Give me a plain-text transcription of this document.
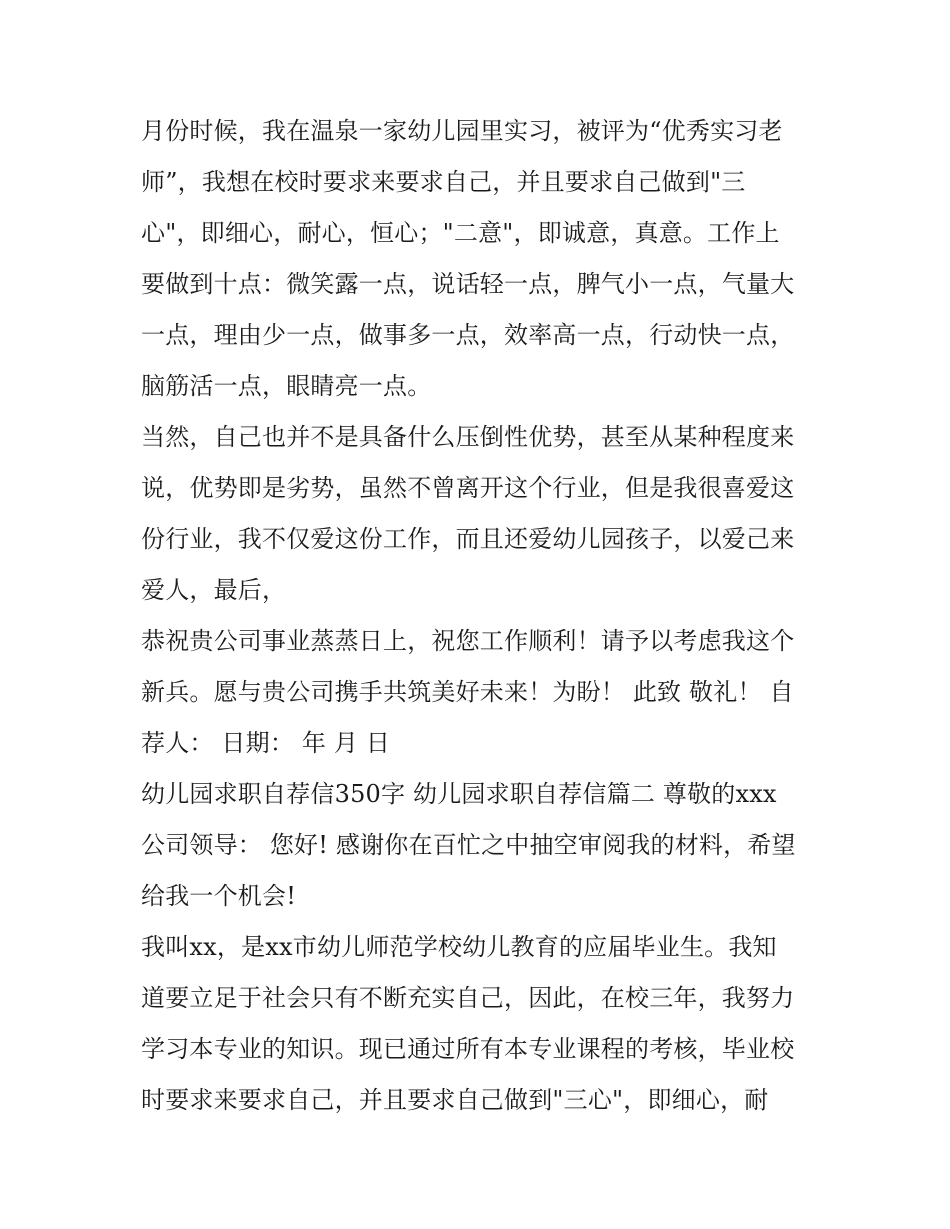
月份时候，我在温泉一家幼儿园里实习，被评为“优秀实习老
师”，我想在校时要求来要求自己，并且要求自己做到"三
心"，即细心，耐心，恒心；"二意"，即诚意，真意。工作上
要做到十点：微笑露一点，说话轻一点，脾气小一点，气量大
一点，理由少一点，做事多一点，效率高一点，行动快一点，
脑筋活一点，眼睛亮一点。
当然，自己也并不是具备什么压倒性优势，甚至从某种程度来
说，优势即是劣势，虽然不曾离开这个行业，但是我很喜爱这
份行业，我不仅爱这份工作，而且还爱幼儿园孩子，以爱己来
爱人，最后，
恭祝贵公司事业蒸蒸日上，祝您工作顺利！请予以考虑我这个
新兵。愿与贵公司携手共筑美好未来！为盼！ 此致 敬礼！ 自
荐人： 日期： 年 月 日
幼儿园求职自荐信350字 幼儿园求职自荐信篇二 尊敬的xxx
公司领导： 您好! 感谢你在百忙之中抽空审阅我的材料，希望
给我一个机会!
我叫xx，是xx市幼儿师范学校幼儿教育的应届毕业生。我知
道要立足于社会只有不断充实自己，因此，在校三年，我努力
学习本专业的知识。现已通过所有本专业课程的考核，毕业校
时要求来要求自己，并且要求自己做到"三心"，即细心，耐
